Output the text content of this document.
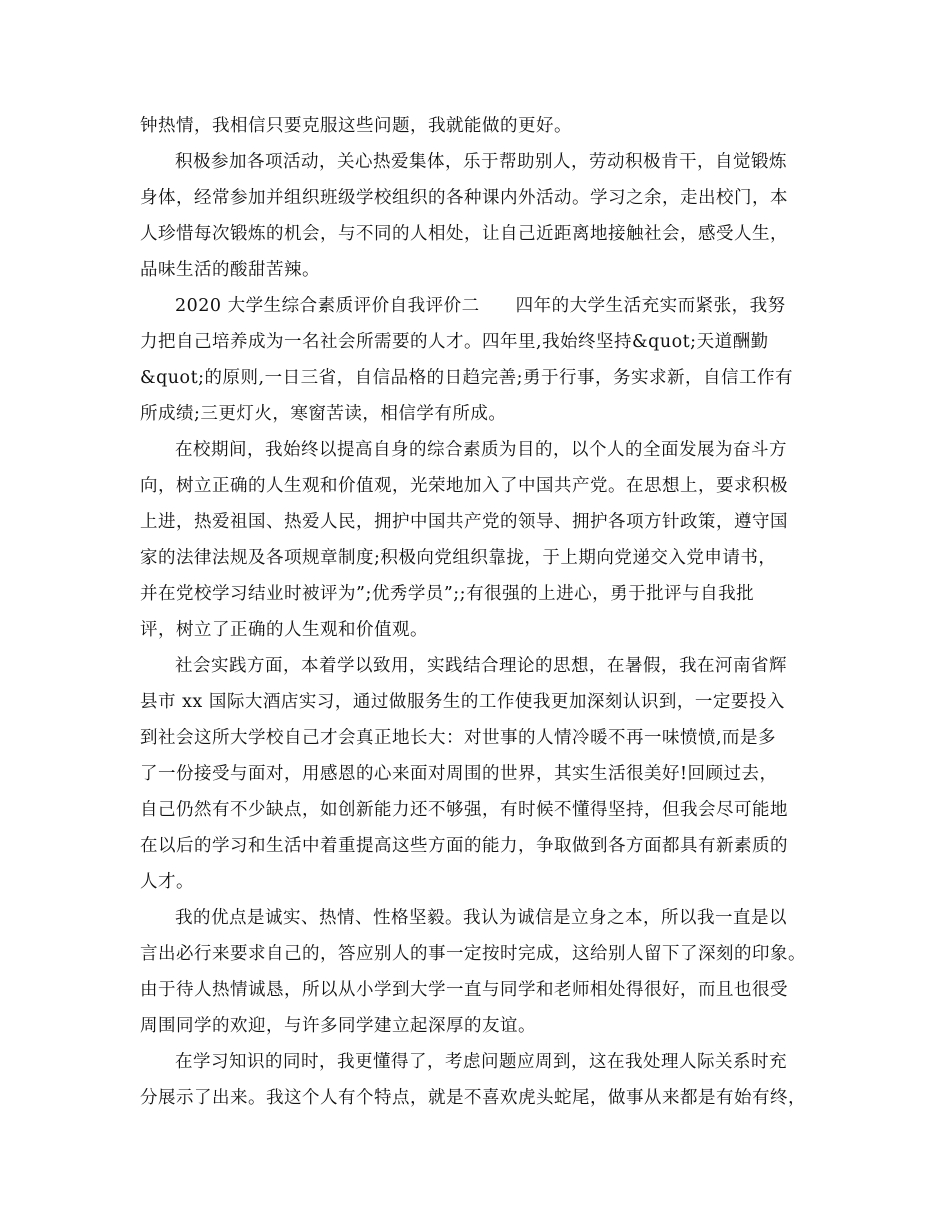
钟热情，我相信只要克服这些问题，我就能做的更好。
积极参加各项活动，关心热爱集体，乐于帮助别人，劳动积极肯干，自觉锻炼
身体，经常参加并组织班级学校组织的各种课内外活动。学习之余，走出校门，本
人珍惜每次锻炼的机会，与不同的人相处，让自己近距离地接触社会，感受人生，
品味生活的酸甜苦辣。
2020 大学生综合素质评价自我评价二　　四年的大学生活充实而紧张，我努
力把自己培养成为一名社会所需要的人才。四年里,我始终坚持&quot;天道酬勤
&quot;的原则,一日三省，自信品格的日趋完善;勇于行事，务实求新，自信工作有
所成绩;三更灯火，寒窗苦读，相信学有所成。
在校期间，我始终以提高自身的综合素质为目的，以个人的全面发展为奋斗方
向，树立正确的人生观和价值观，光荣地加入了中国共产党。在思想上，要求积极
上进，热爱祖国、热爱人民，拥护中国共产党的领导、拥护各项方针政策，遵守国
家的法律法规及各项规章制度;积极向党组织靠拢，于上期向党递交入党申请书，
并在党校学习结业时被评为”;优秀学员”;;有很强的上进心，勇于批评与自我批
评，树立了正确的人生观和价值观。
社会实践方面，本着学以致用，实践结合理论的思想，在暑假，我在河南省辉
县市 xx 国际大酒店实习，通过做服务生的工作使我更加深刻认识到，一定要投入
到社会这所大学校自己才会真正地长大：对世事的人情冷暖不再一味愤愤,而是多
了一份接受与面对，用感恩的心来面对周围的世界，其实生活很美好!回顾过去，
自己仍然有不少缺点，如创新能力还不够强，有时候不懂得坚持，但我会尽可能地
在以后的学习和生活中着重提高这些方面的能力，争取做到各方面都具有新素质的
人才。
我的优点是诚实、热情、性格坚毅。我认为诚信是立身之本，所以我一直是以
言出必行来要求自己的，答应别人的事一定按时完成，这给别人留下了深刻的印象。
由于待人热情诚恳，所以从小学到大学一直与同学和老师相处得很好，而且也很受
周围同学的欢迎，与许多同学建立起深厚的友谊。
在学习知识的同时，我更懂得了，考虑问题应周到，这在我处理人际关系时充
分展示了出来。我这个人有个特点，就是不喜欢虎头蛇尾，做事从来都是有始有终，
